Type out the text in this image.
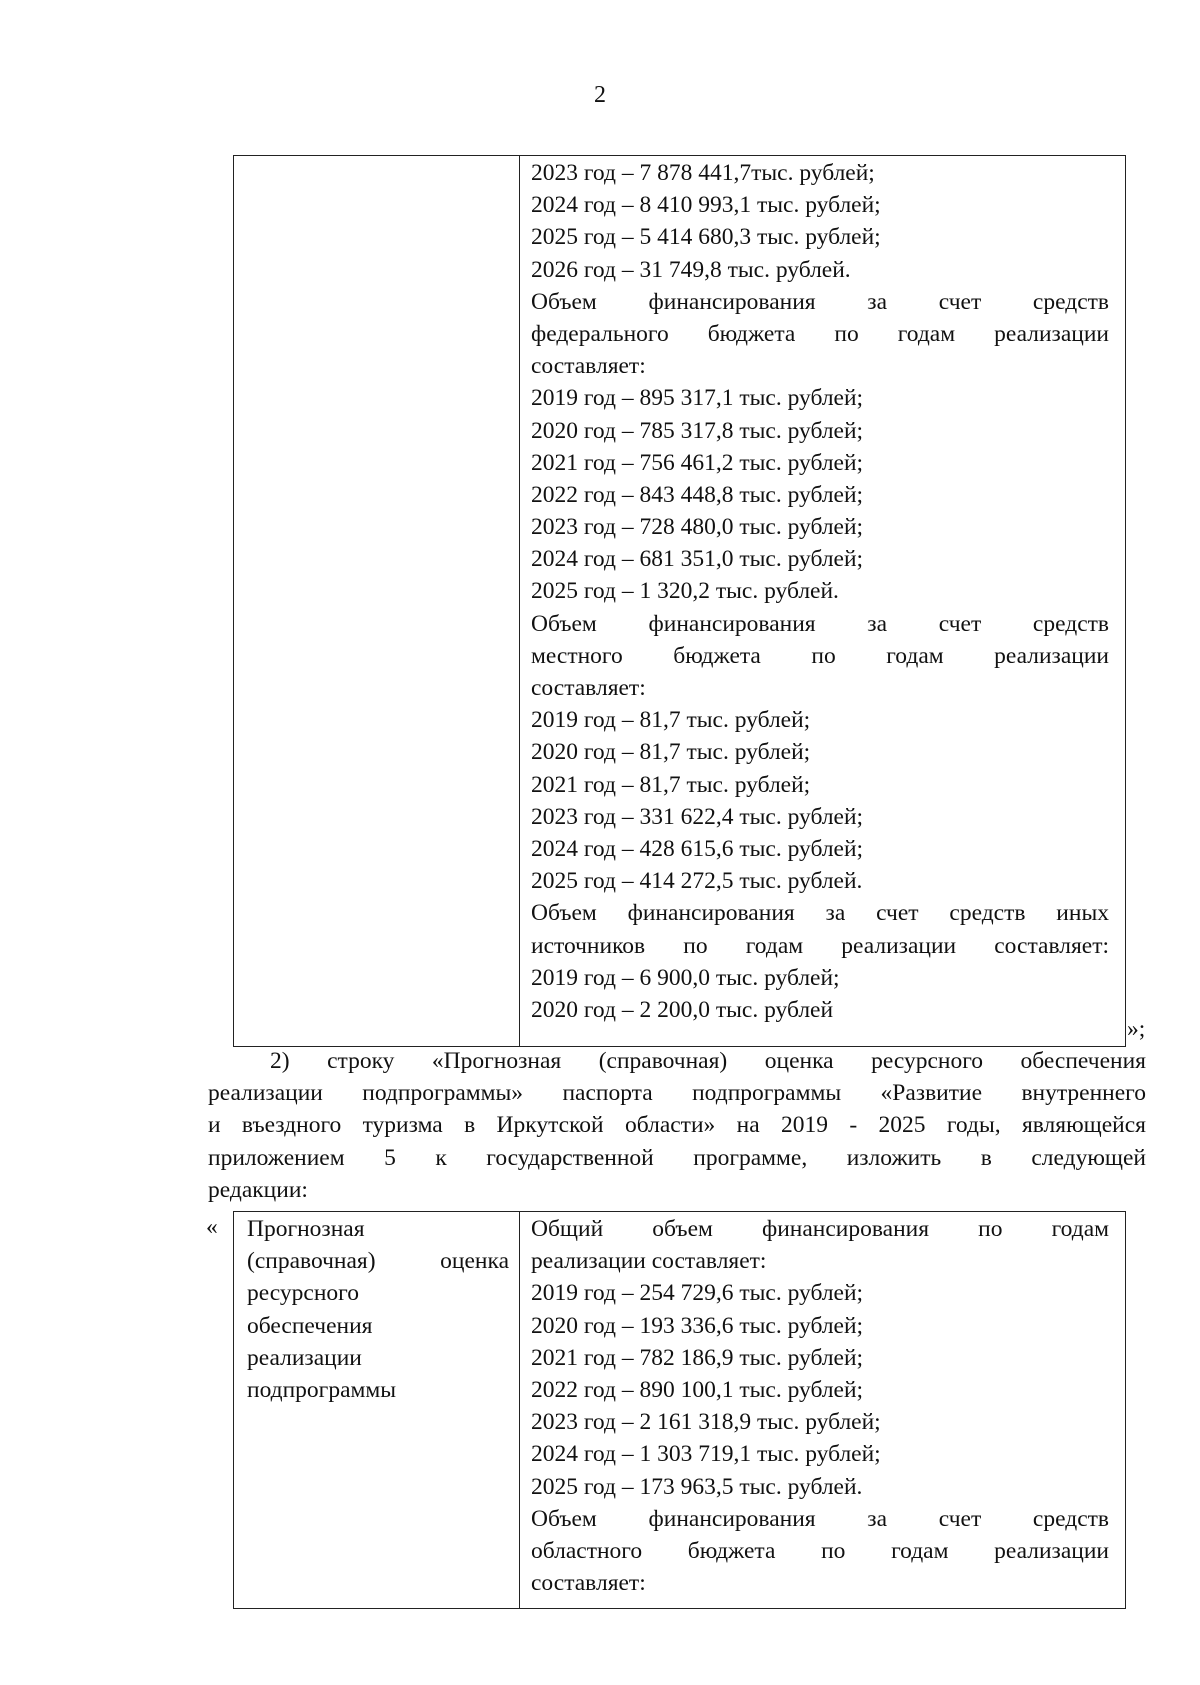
2
2023 год – 7 878 441,7тыс. рублей;
2024 год – 8 410 993,1 тыс. рублей;
2025 год – 5 414 680,3 тыс. рублей;
2026 год – 31 749,8 тыс. рублей.
Объем финансирования за счет средств
федерального бюджета по годам реализации
составляет:
2019 год – 895 317,1 тыс. рублей;
2020 год – 785 317,8 тыс. рублей;
2021 год – 756 461,2 тыс. рублей;
2022 год – 843 448,8 тыс. рублей;
2023 год – 728 480,0 тыс. рублей;
2024 год – 681 351,0 тыс. рублей;
2025 год – 1 320,2 тыс. рублей.
Объем финансирования за счет средств
местного бюджета по годам реализации
составляет:
2019 год – 81,7 тыс. рублей;
2020 год – 81,7 тыс. рублей;
2021 год – 81,7 тыс. рублей;
2023 год – 331 622,4 тыс. рублей;
2024 год – 428 615,6 тыс. рублей;
2025 год – 414 272,5 тыс. рублей.
Объем финансирования за счет средств иных
источников по годам реализации составляет:
2019 год – 6 900,0 тыс. рублей;
2020 год – 2 200,0 тыс. рублей
»;
2) строку «Прогнозная (справочная) оценка ресурсного обеспечения
реализации подпрограммы» паспорта подпрограммы «Развитие внутреннего
и въездного туризма в Иркутской области» на 2019 - 2025 годы, являющейся
приложением 5 к государственной программе, изложить в следующей
редакции:
« Прогнозная
(справочная) оценка
ресурсного
обеспечения
реализации
подпрограммы
Общий объем финансирования по годам
реализации составляет:
2019 год – 254 729,6 тыс. рублей;
2020 год – 193 336,6 тыс. рублей;
2021 год – 782 186,9 тыс. рублей;
2022 год – 890 100,1 тыс. рублей;
2023 год – 2 161 318,9 тыс. рублей;
2024 год – 1 303 719,1 тыс. рублей;
2025 год – 173 963,5 тыс. рублей.
Объем финансирования за счет средств
областного бюджета по годам реализации
составляет:
